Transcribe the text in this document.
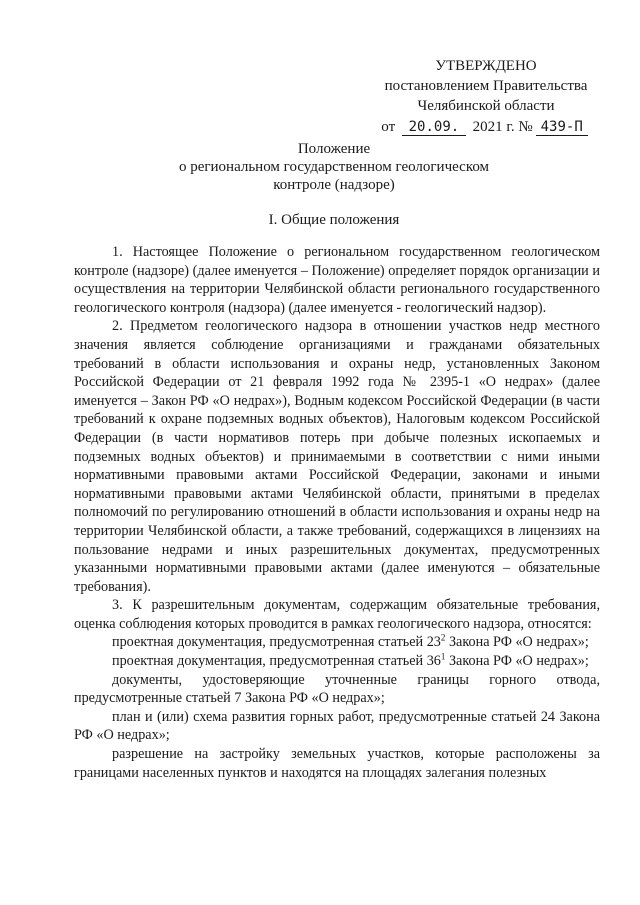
УТВЕРЖДЕНО
постановлением Правительства
Челябинской области
от 20.09. 2021 г. № 439-П
Положение
о региональном государственном геологическом
контроле (надзоре)
I. Общие положения

1. Настоящее Положение о региональном государственном геологическом контроле (надзоре) (далее именуется – Положение) определяет порядок организации и осуществления на территории Челябинской области регионального государственного геологического контроля (надзора) (далее именуется - геологический надзор).

2. Предметом геологического надзора в отношении участков недр местного значения является соблюдение организациями и гражданами обязательных требований в области использования и охраны недр, установленных Законом Российской Федерации от 21 февраля 1992 года № 2395-1 «О недрах» (далее именуется – Закон РФ «О недрах»), Водным кодексом Российской Федерации (в части требований к охране подземных водных объектов), Налоговым кодексом Российской Федерации (в части нормативов потерь при добыче полезных ископаемых и подземных водных объектов) и принимаемыми в соответствии с ними иными нормативными правовыми актами Российской Федерации, законами и иными нормативными правовыми актами Челябинской области, принятыми в пределах полномочий по регулированию отношений в области использования и охраны недр на территории Челябинской области, а также требований, содержащихся в лицензиях на пользование недрами и иных разрешительных документах, предусмотренных указанными нормативными правовыми актами (далее именуются – обязательные требования).

3. К разрешительным документам, содержащим обязательные требования, оценка соблюдения которых проводится в рамках геологического надзора, относятся:

проектная документация, предусмотренная статьей $23^2$ Закона РФ «О недрах»;

проектная документация, предусмотренная статьей $36^1$ Закона РФ «О недрах»;

документы, удостоверяющие уточненные границы горного отвода, предусмотренные статьей 7 Закона РФ «О недрах»;

план и (или) схема развития горных работ, предусмотренные статьей 24 Закона РФ «О недрах»;

разрешение на застройку земельных участков, которые расположены за границами населенных пунктов и находятся на площадях залегания полезных
